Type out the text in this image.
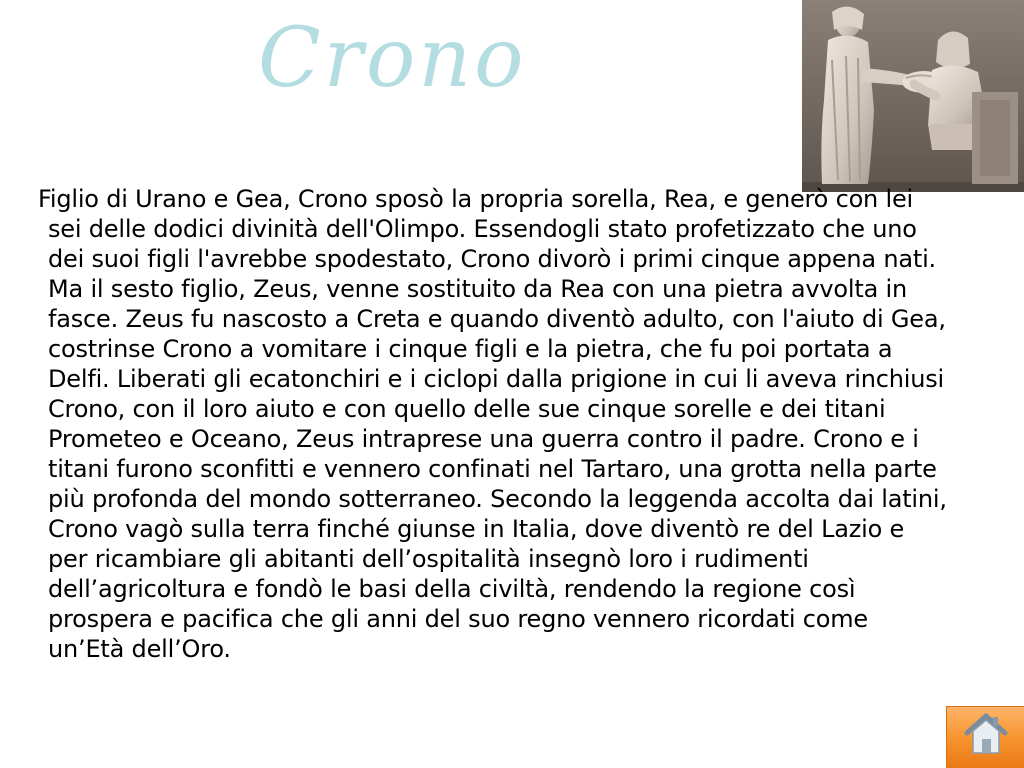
Crono

Figlio di Urano e Gea, Crono sposò la propria sorella, Rea, e generò con lei sei delle dodici divinità dell'Olimpo. Essendogli stato profetizzato che uno dei suoi figli l'avrebbe spodestato, Crono divorò i primi cinque appena nati. Ma il sesto figlio, Zeus, venne sostituito da Rea con una pietra avvolta in fasce. Zeus fu nascosto a Creta e quando diventò adulto, con l'aiuto di Gea, costrinse Crono a vomitare i cinque figli e la pietra, che fu poi portata a Delfi. Liberati gli ecatonchiri e i ciclopi dalla prigione in cui li aveva rinchiusi Crono, con il loro aiuto e con quello delle sue cinque sorelle e dei titani Prometeo e Oceano, Zeus intraprese una guerra contro il padre. Crono e i titani furono sconfitti e vennero confinati nel Tartaro, una grotta nella parte più profonda del mondo sotterraneo. Secondo la leggenda accolta dai latini, Crono vagò sulla terra finché giunse in Italia, dove diventò re del Lazio e per ricambiare gli abitanti dell’ospitalità insegnò loro i rudimenti dell’agricoltura e fondò le basi della civiltà, rendendo la regione così prospera e pacifica che gli anni del suo regno vennero ricordati come un’Età dell’Oro.
